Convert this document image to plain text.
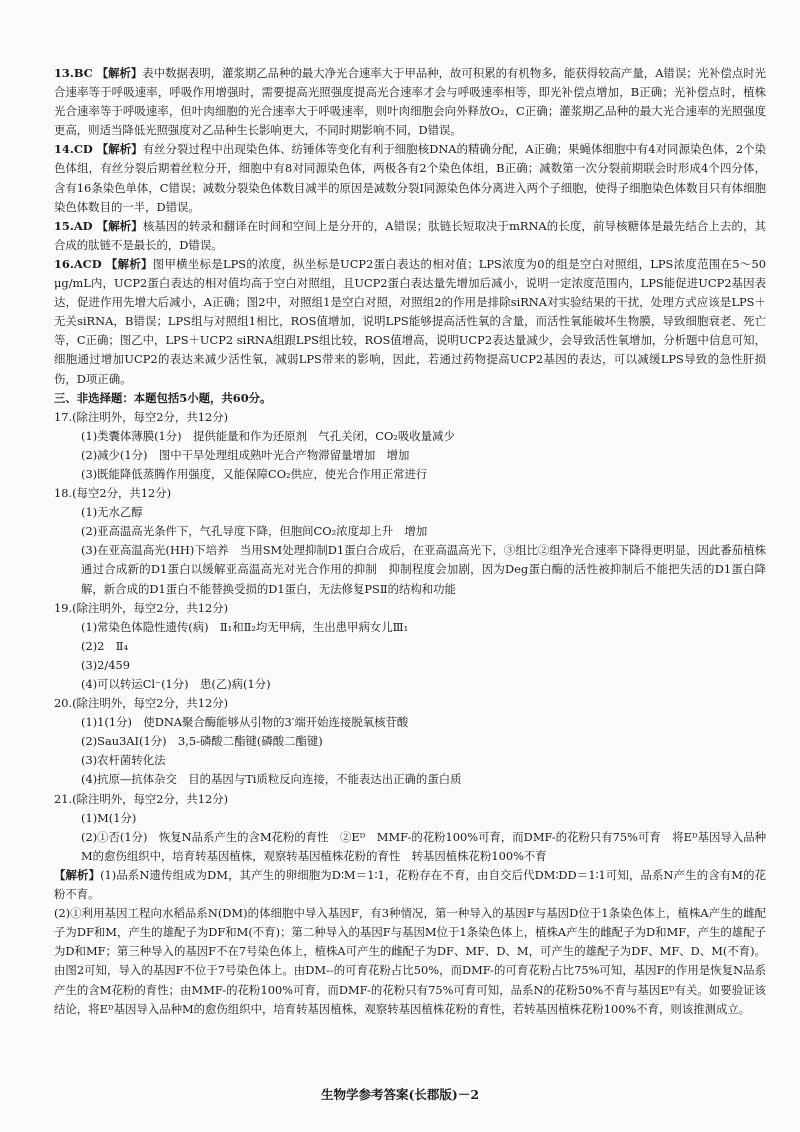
13.BC 【解析】表中数据表明，灌浆期乙品种的最大净光合速率大于甲品种，故可积累的有机物多，能获得较高产量，A错误；光补偿点时光合速率等于呼吸速率，呼吸作用增强时，需要提高光照强度提高光合速率才会与呼吸速率相等，即光补偿点增加，B正确；光补偿点时，植株光合速率等于呼吸速率，但叶肉细胞的光合速率大于呼吸速率，则叶肉细胞会向外释放O₂，C正确；灌浆期乙品种的最大光合速率的光照强度更高，则适当降低光照强度对乙品种生长影响更大，不同时期影响不同，D错误。

14.CD 【解析】有丝分裂过程中出现染色体、纺锤体等变化有利于细胞核DNA的精确分配，A正确；果蝇体细胞中有4对同源染色体，2个染色体组，有丝分裂后期着丝粒分开，细胞中有8对同源染色体，两极各有2个染色体组，B正确；减数第一次分裂前期联会时形成4个四分体，含有16条染色单体，C错误；减数分裂染色体数目减半的原因是减数分裂Ⅰ同源染色体分离进入两个子细胞，使得子细胞染色体数目只有体细胞染色体数目的一半，D错误。

15.AD 【解析】核基因的转录和翻译在时间和空间上是分开的，A错误；肽链长短取决于mRNA的长度，前导核糖体是最先结合上去的，其合成的肽链不是最长的，D错误。

16.ACD 【解析】图甲横坐标是LPS的浓度，纵坐标是UCP2蛋白表达的相对值；LPS浓度为0的组是空白对照组，LPS浓度范围在5～50 μg/mL内，UCP2蛋白表达的相对值均高于空白对照组，且UCP2蛋白表达量先增加后减小，说明一定浓度范围内，LPS能促进UCP2基因表达，促进作用先增大后减小，A正确；图2中，对照组1是空白对照，对照组2的作用是排除siRNA对实验结果的干扰，处理方式应该是LPS＋无关siRNA，B错误；LPS组与对照组1相比，ROS值增加，说明LPS能够提高活性氧的含量，而活性氧能破坏生物膜，导致细胞衰老、死亡等，C正确；图乙中，LPS＋UCP2 siRNA组跟LPS组比较，ROS值增高，说明UCP2表达量减少，会导致活性氧增加，分析题中信息可知，细胞通过增加UCP2的表达来减少活性氧，减弱LPS带来的影响，因此，若通过药物提高UCP2基因的表达，可以减缓LPS导致的急性肝损伤，D项正确。

三、非选择题：本题包括5小题，共60分。

17.(除注明外，每空2分，共12分)

(1)类囊体薄膜(1分)　提供能量和作为还原剂　气孔关闭，CO₂吸收量减少

(2)减少(1分)　图中干旱处理组成熟叶光合产物滞留量增加　增加

(3)既能降低蒸腾作用强度，又能保障CO₂供应，使光合作用正常进行

18.(每空2分，共12分)

(1)无水乙醇

(2)亚高温高光条件下，气孔导度下降，但胞间CO₂浓度却上升　增加

(3)在亚高温高光(HH)下培养　当用SM处理抑制D1蛋白合成后，在亚高温高光下，③组比②组净光合速率下降得更明显，因此番茄植株通过合成新的D1蛋白以缓解亚高温高光对光合作用的抑制　抑制程度会加剧，因为Deg蛋白酶的活性被抑制后不能把失活的D1蛋白降解，新合成的D1蛋白不能替换受损的D1蛋白，无法修复PSⅡ的结构和功能

19.(除注明外，每空2分，共12分)

(1)常染色体隐性遗传(病)　Ⅱ₁和Ⅱ₂均无甲病，生出患甲病女儿Ⅲ₁

(2)2　Ⅱ₄

(3)2/459

(4)可以转运Cl⁻(1分)　患(乙)病(1分)

20.(除注明外，每空2分，共12分)

(1)1(1分)　使DNA聚合酶能够从引物的3′端开始连接脱氧核苷酸

(2)Sau3AⅠ(1分)　3,5-磷酸二酯键(磷酸二酯键)

(3)农杆菌转化法

(4)抗原—抗体杂交　目的基因与Ti质粒反向连接，不能表达出正确的蛋白质

21.(除注明外，每空2分，共12分)

(1)M(1分)

(2)①否(1分)　恢复N品系产生的含M花粉的育性　②Eᴰ　MMF-的花粉100%可育，而DMF-的花粉只有75%可育　将Eᴰ基因导入品种M的愈伤组织中，培育转基因植株，观察转基因植株花粉的育性　转基因植株花粉100%不育

【解析】(1)品系N遗传组成为DM，其产生的卵细胞为D∶M＝1∶1，花粉存在不育，由自交后代DM∶DD＝1∶1可知，品系N产生的含有M的花粉不育。

(2)①利用基因工程向水稻品系N(DM)的体细胞中导入基因F，有3种情况，第一种导入的基因F与基因D位于1条染色体上，植株A产生的雌配子为DF和M，产生的雄配子为DF和M(不育)；第二种导入的基因F与基因M位于1条染色体上，植株A产生的雌配子为D和MF，产生的雄配子为D和MF；第三种导入的基因F不在7号染色体上，植株A可产生的雌配子为DF、MF、D、M，可产生的雄配子为DF、MF、D、M(不育)。由图2可知，导入的基因F不位于7号染色体上。由DM--的可育花粉占比50%，而DMF-的可育花粉占比75%可知，基因F的作用是恢复N品系产生的含M花粉的育性；由MMF-的花粉100%可育，而DMF-的花粉只有75%可育可知，品系N的花粉50%不育与基因Eᴰ有关。如要验证该结论，将Eᴰ基因导入品种M的愈伤组织中，培育转基因植株，观察转基因植株花粉的育性，若转基因植株花粉100%不育，则该推测成立。

生物学参考答案(长郡版)－2
